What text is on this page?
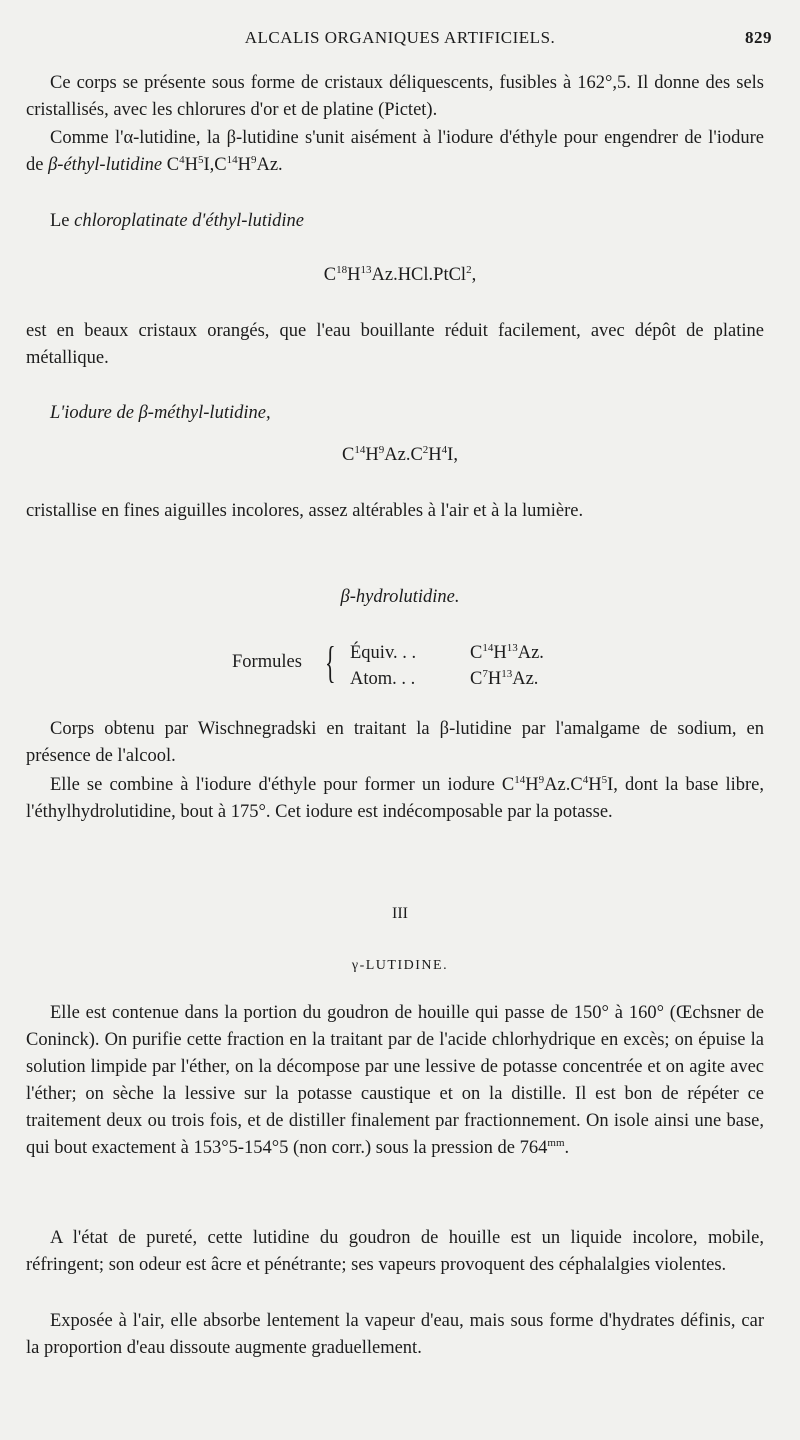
ALCALIS ORGANIQUES ARTIFICIELS.	829

Ce corps se présente sous forme de cristaux déliquescents, fusibles à 162°,5. Il donne des sels cristallisés, avec les chlorures d'or et de platine (Pictet).

Comme l'α-lutidine, la β-lutidine s'unit aisément à l'iodure d'éthyle pour engendrer de l'iodure de β-éthyl-lutidine $C^4H^5I,C^{14}H^9Az$.

Le chloroplatinate d'éthyl-lutidine

$C^{18}H^{13}Az.HCl.PtCl^2$,

est en beaux cristaux orangés, que l'eau bouillante réduit facilement, avec dépôt de platine métallique.

L'iodure de β-méthyl-lutidine,

$C^{14}H^9Az.C^2H^4I$,

cristallise en fines aiguilles incolores, assez altérables à l'air et à la lumière.

β-hydrolutidine.

Formules { Équiv. . .	$C^{14}H^{13}Az$.
Atom. . .	$C^7H^{13}Az$.

Corps obtenu par Wischnegradski en traitant la β-lutidine par l'amalgame de sodium, en présence de l'alcool.

Elle se combine à l'iodure d'éthyle pour former un iodure $C^{14}H^9Az.C^4H^5I$, dont la base libre, l'éthylhydrolutidine, bout à 175°. Cet iodure est indécomposable par la potasse.

III
γ-LUTIDINE.

Elle est contenue dans la portion du goudron de houille qui passe de 150° à 160° (Œchsner de Coninck). On purifie cette fraction en la traitant par de l'acide chlorhydrique en excès; on épuise la solution limpide par l'éther, on la décompose par une lessive de potasse concentrée et on agite avec l'éther; on sèche la lessive sur la potasse caustique et on la distille. Il est bon de répéter ce traitement deux ou trois fois, et de distiller finalement par fractionnement. On isole ainsi une base, qui bout exactement à 153°5-154°5 (non corr.) sous la pression de $764^{mm}$.

A l'état de pureté, cette lutidine du goudron de houille est un liquide incolore, mobile, réfringent; son odeur est âcre et pénétrante; ses vapeurs provoquent des céphalalgies violentes.

Exposée à l'air, elle absorbe lentement la vapeur d'eau, mais sous forme d'hydrates définis, car la proportion d'eau dissoute augmente graduellement.
